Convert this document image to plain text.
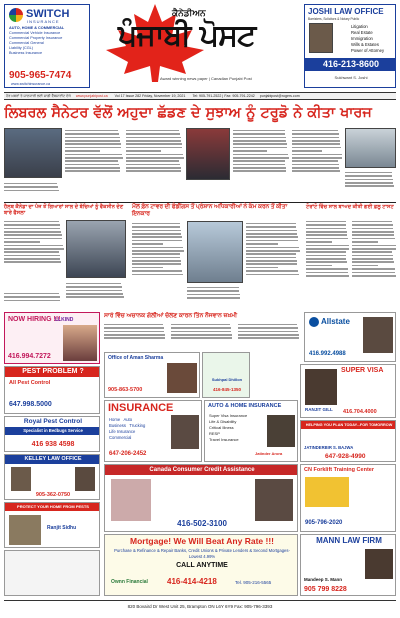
SWITCH
INSURANCE
AUTO, HOME & COMMERCIAL
Commercial Vehicle Insurance
Commercial Property Insurance
Commercial General
Liability (CGL)
Business Insurance
905-965-7474
www.switchinsurance.ca
ਕੈਨੇਡੀਅਨ
ਪੰਜਾਬੀ ਪੋਸਟ
Award winning news paper | Canadian Punjabi Post
JOSHI LAW OFFICE
Barristers, Solicitors & Notary Public
Litigation
Real Estate
Immigration
Wills & Estates
Power of Attorney
416-213-8600
Sukhwant S. Joshi
ਹੋਰ ਖ਼ਬਰਾਂ ਤੇ ਜਾਣਕਾਰੀ ਲਈ ਸਾਡੀ ਵੈੱਬਸਾਈਟ ਦੇਖੋ www.punjabipost.ca Vol 17 Issue 282 Friday, November 19, 2021 Tel: 905-791-2522 | Fax: 905-791-2242 punjabipost@rogers.com
ਲਿਬਰਲ ਸੈਨੇਟਰ ਵੱਲੋਂ ਅਹੁਦਾ ਛੱਡਣ ਦੇ ਸੁਝਾਅ ਨੂੰ ਟਰੂਡੋ ਨੇ ਕੀਤਾ ਖਾਰਜ
ਹੈਲਥ ਕੈਨੇਡਾ ਦਾ ਪੰਜ ਤੋਂ ਗਿਆਰਾਂ ਸਾਲ ਦੇ ਬੱਚਿਆਂ ਨੂੰ ਵੈਕਸੀਨ ਦੇਣ ਬਾਰੇ ਫੈਸਲਾ
ਮੌਲ ਫ਼ੋਨ ਟਾਵਰ ਦੀ ਫੰਡੀਂਗਸ ਤੋਂ ਪ੍ਰੇਸ਼ਾਨ ਅਧਿਕਾਰੀਆਂ ਨੇ ਕੰਮ ਕਰਨ ਤੋਂ ਕੀਤਾ ਇਨਕਾਰ
ਟੋਰਾਂਟੋ ਵਿੱਚ ਸਾਲ ਬਾਅਦ ਕੀਤੀ ਗਈ ਫ਼ਲੂ ਟਾਸਟ
ਸਾਰੇ ਵਿੱਚ ਅਚਾਨਕ ਗੋਲੀਆਂ ਚੱਲਣ ਕਾਰਨ ਤਿੰਨ ਨੌਜਵਾਨ ਜ਼ਖ਼ਮੀ
NOW HIRING !!!
LLKIND
416.994.7272
PEST PROBLEM ?
All Pest Control
647.998.5000
Royal Pest Control
Specialist in Bedbugs Service
416 938 4598
KELLEY LAW OFFICE
905-362-0750
PROTECT YOUR HOME FROM PESTS
Ranjit Sidhu
Office of Aman Sharma
905-863-5700
Sukhpal Dhillon
416-845-1350
INSURANCE
Home Auto
Business Trucking
Life Insurance
Commercial
647-206-2452
AUTO & HOME INSURANCE
Super Visa Insurance
Life & Disability
Critical Illness
RESP
Travel Insurance
Jatinder Arora
Allstate
416.992.4988
SUPER VISA
RANJIT GILL 416.704.4000
HELPING YOU PLAN TODAY...FOR TOMORROW
JATINDERBIR S. BAJWA
647-928-4990
Canada Consumer Credit Assistance
416-502-3100
CN Forklift Training Center
905-796-2020
Mortgage! We Will Beat Any Rate !!!
Purchase & Refinance & Repair Banks, Credit Unions & Private Lenders & Second Mortgages-Lowest 4.99%
CALL ANYTIME
Ownn Financial 416-414-4218	Tel. 905-216-5565
MANN LAW FIRM
Mandeep S. Mann
905 799 8228
820 Bovaird Dr West Unit 25, Brampton ON L6Y 6Y9 Fax: 905-796-3393
